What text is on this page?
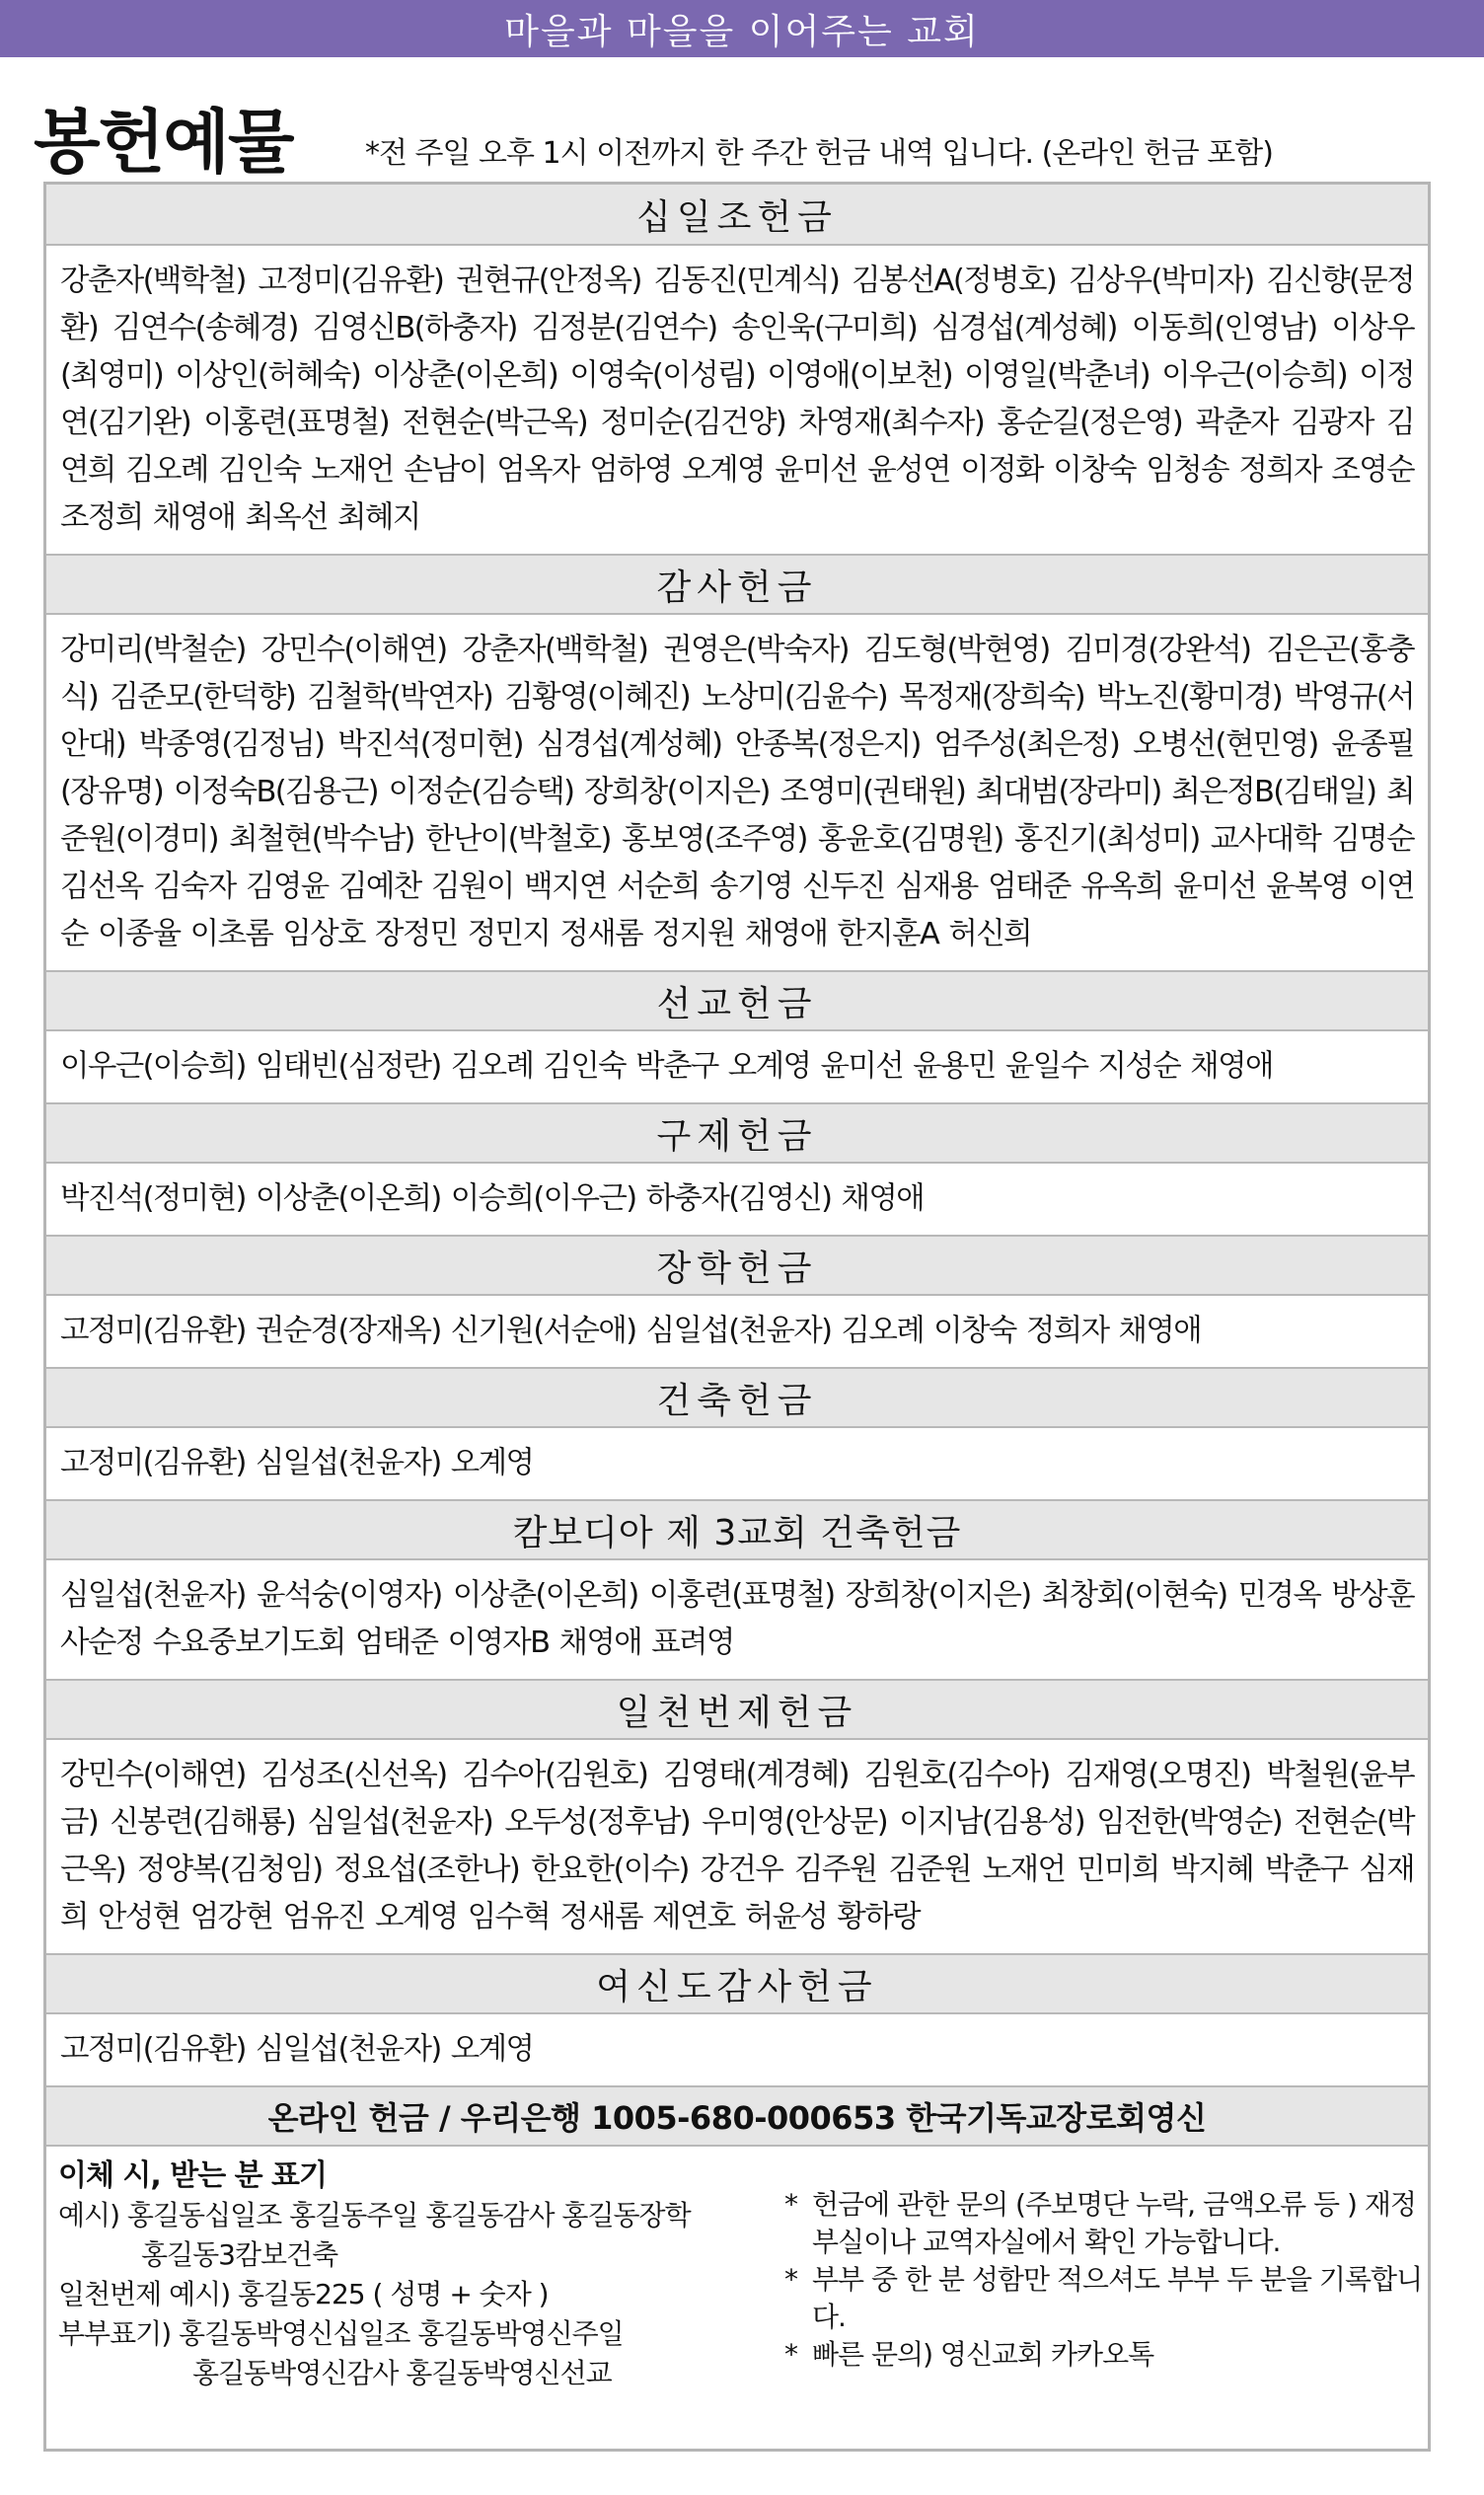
마을과 마을을 이어주는 교회
봉헌예물 *전 주일 오후 1시 이전까지 한 주간 헌금 내역 입니다. (온라인 헌금 포함)
십일조헌금
강춘자(백학철) 고정미(김유환) 권현규(안정옥) 김동진(민계식) 김봉선A(정병호) 김상우(박미자) 김신향(문정환) 김연수(송혜경) 김영신B(하충자) 김정분(김연수) 송인욱(구미희) 심경섭(계성혜) 이동희(인영남) 이상우(최영미) 이상인(허혜숙) 이상춘(이온희) 이영숙(이성림) 이영애(이보천) 이영일(박춘녀) 이우근(이승희) 이정연(김기완) 이홍련(표명철) 전현순(박근옥) 정미순(김건양) 차영재(최수자) 홍순길(정은영) 곽춘자 김광자 김연희 김오례 김인숙 노재언 손남이 엄옥자 엄하영 오계영 윤미선 윤성연 이정화 이창숙 임청송 정희자 조영순 조정희 채영애 최옥선 최혜지
감사헌금
강미리(박철순) 강민수(이해연) 강춘자(백학철) 권영은(박숙자) 김도형(박현영) 김미경(강완석) 김은곤(홍충식) 김준모(한덕향) 김철학(박연자) 김황영(이혜진) 노상미(김윤수) 목정재(장희숙) 박노진(황미경) 박영규(서안대) 박종영(김정님) 박진석(정미현) 심경섭(계성혜) 안종복(정은지) 엄주성(최은정) 오병선(현민영) 윤종필(장유명) 이정숙B(김용근) 이정순(김승택) 장희창(이지은) 조영미(권태원) 최대범(장라미) 최은정B(김태일) 최준원(이경미) 최철현(박수남) 한난이(박철호) 홍보영(조주영) 홍윤호(김명원) 홍진기(최성미) 교사대학 김명순 김선옥 김숙자 김영윤 김예찬 김원이 백지연 서순희 송기영 신두진 심재용 엄태준 유옥희 윤미선 윤복영 이연순 이종율 이초롬 임상호 장정민 정민지 정새롬 정지원 채영애 한지훈A 허신희
선교헌금
이우근(이승희) 임태빈(심정란) 김오례 김인숙 박춘구 오계영 윤미선 윤용민 윤일수 지성순 채영애
구제헌금
박진석(정미현) 이상춘(이온희) 이승희(이우근) 하충자(김영신) 채영애
장학헌금
고정미(김유환) 권순경(장재옥) 신기원(서순애) 심일섭(천윤자) 김오례 이창숙 정희자 채영애
건축헌금
고정미(김유환) 심일섭(천윤자) 오계영
캄보디아 제 3교회 건축헌금
심일섭(천윤자) 윤석숭(이영자) 이상춘(이온희) 이홍련(표명철) 장희창(이지은) 최창회(이현숙) 민경옥 방상훈 사순정 수요중보기도회 엄태준 이영자B 채영애 표려영
일천번제헌금
강민수(이해연) 김성조(신선옥) 김수아(김원호) 김영태(계경혜) 김원호(김수아) 김재영(오명진) 박철원(윤부금) 신봉련(김해룡) 심일섭(천윤자) 오두성(정후남) 우미영(안상문) 이지남(김용성) 임전한(박영순) 전현순(박근옥) 정양복(김청임) 정요섭(조한나) 한요한(이수) 강건우 김주원 김준원 노재언 민미희 박지혜 박춘구 심재희 안성현 엄강현 엄유진 오계영 임수혁 정새롬 제연호 허윤성 황하랑
여신도감사헌금
고정미(김유환) 심일섭(천윤자) 오계영
온라인 헌금 / 우리은행 1005-680-000653 한국기독교장로회영신
이체 시, 받는 분 표기
예시) 홍길동십일조 홍길동주일 홍길동감사 홍길동장학
홍길동3캄보건축
일천번제 예시) 홍길동225 ( 성명 + 숫자 )
부부표기) 홍길동박영신십일조 홍길동박영신주일
홍길동박영신감사 홍길동박영신선교
* 헌금에 관한 문의 (주보명단 누락, 금액오류 등 ) 재정부실이나 교역자실에서 확인 가능합니다.
* 부부 중 한 분 성함만 적으셔도 부부 두 분을 기록합니다.
* 빠른 문의) 영신교회 카카오톡
